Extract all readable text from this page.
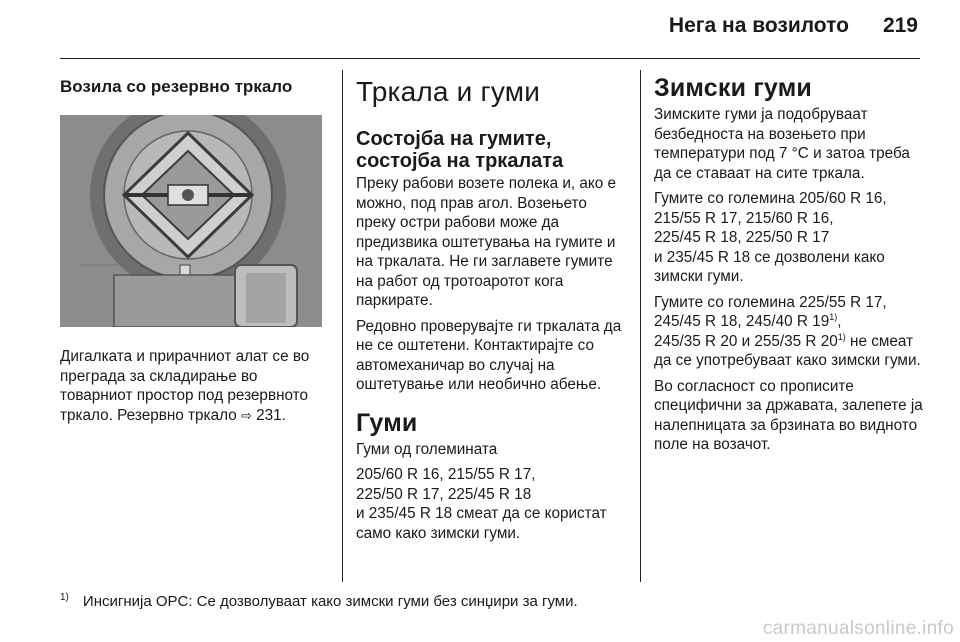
Нега на возилото 219
Возила со резервно тркало

Дигалката и прирачниот алат се во преграда за складирање во товарниот простор под резервното тркало. Резервно тркало ⇨ 231.

Тркала и гуми
Состојба на гумите, состојба на тркалата

Преку рабови возете полека и, ако е можно, под прав агол. Возењето преку остри рабови може да предизвика оштетувања на гумите и на тркалата. Не ги заглавете гумите на работ од тротоаротот кога паркирате.

Редовно проверувајте ги тркалата да не се оштетени. Контактирајте со автомеханичар во случај на оштетување или необично абење.

Гуми

Гуми од големината

205/60 R 16, 215/55 R 17,
225/50 R 17, 225/45 R 18
и 235/45 R 18 смеат да се користат само како зимски гуми.

Зимски гуми

Зимските гуми ја подобруваат безбедноста на возењето при температури под 7 °C и затоа треба да се ставаат на сите тркала.

Гумите со големина 205/60 R 16,
215/55 R 17, 215/60 R 16,
225/45 R 18, 225/50 R 17
и 235/45 R 18 се дозволени како зимски гуми.

Гумите со големина 225/55 R 17,
245/45 R 18, 245/40 R 19$^{1)}$,
245/35 R 20 и 255/35 R 20$^{1)}$ не смеат да се употребуваат како зимски гуми.

Во согласност со прописите специфични за државата, залепете ја налепницата за брзината во видното поле на возачот.

$^{1)}$ Инсигнија OPC: Се дозволуваат како зимски гуми без синџири за гуми.
carmanualsonline.info
